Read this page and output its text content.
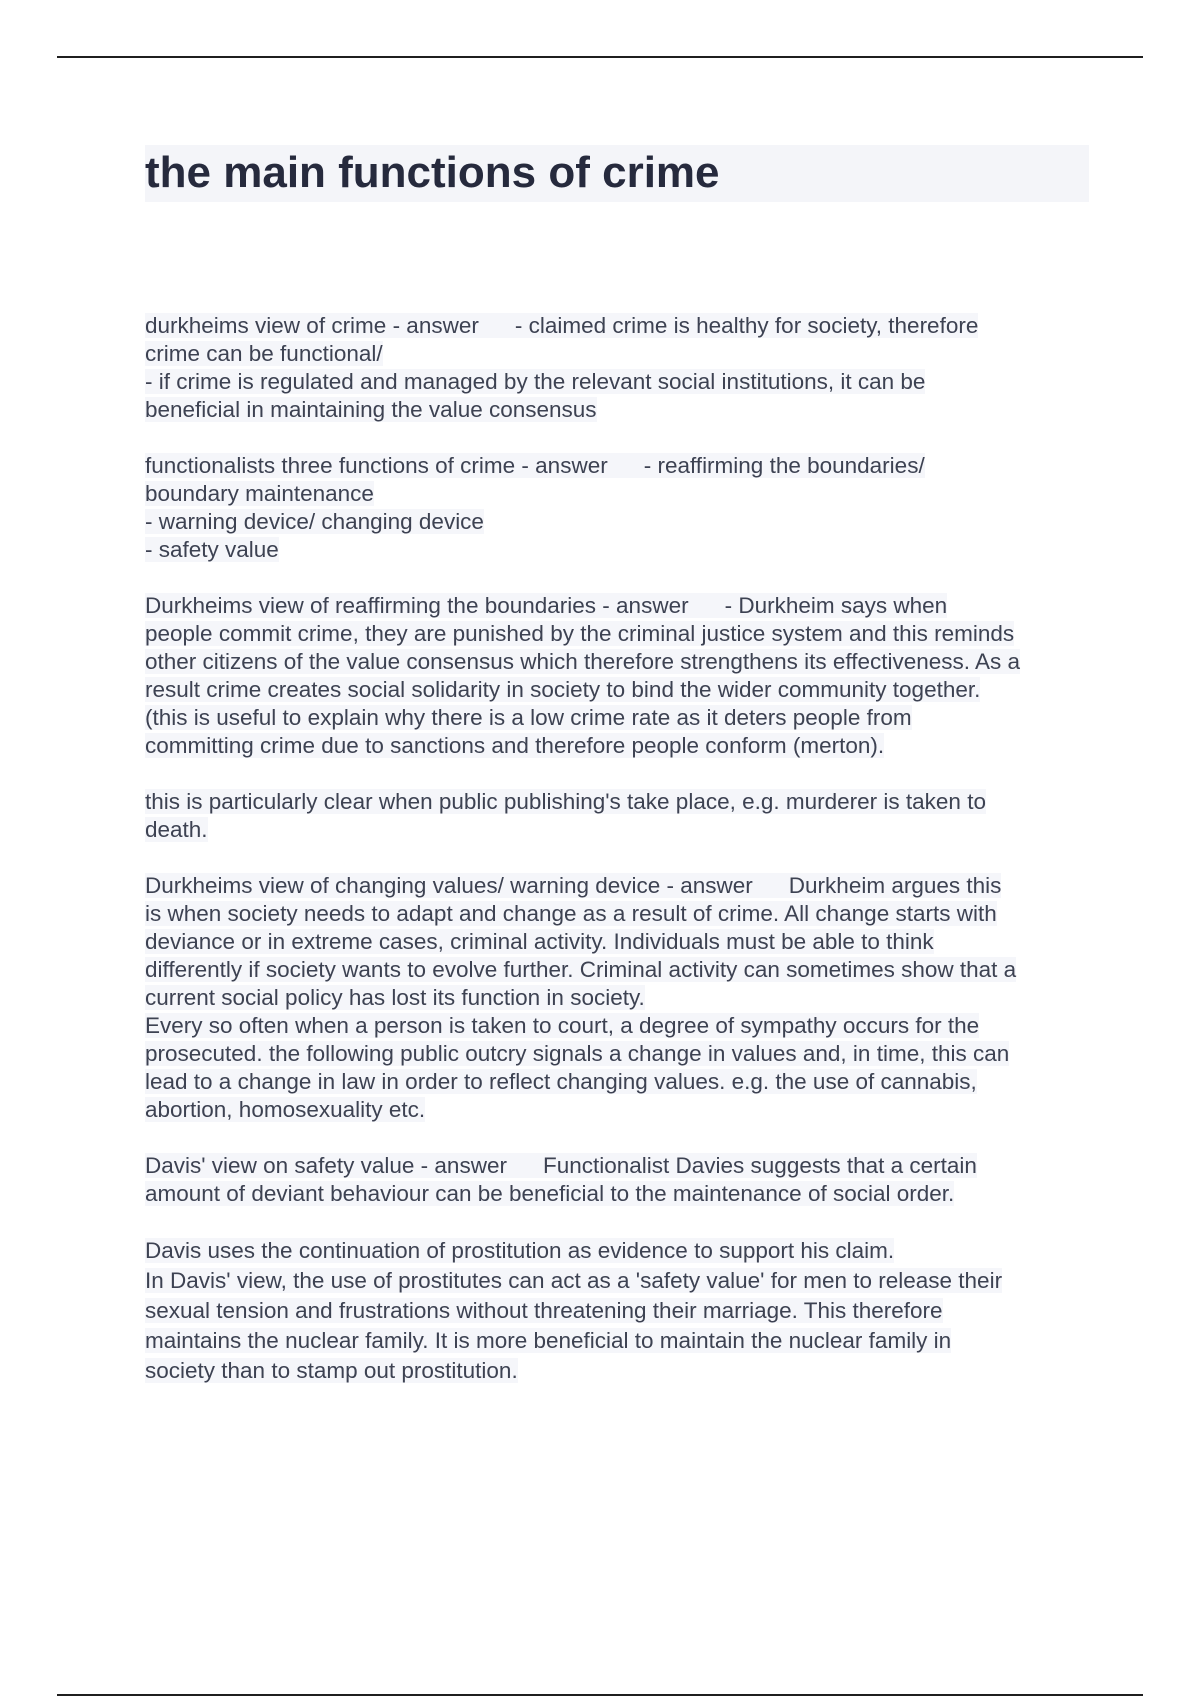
the main functions of crime

durkheims view of crime - answer - claimed crime is healthy for society, therefore

crime can be functional/

- if crime is regulated and managed by the relevant social institutions, it can be

beneficial in maintaining the value consensus

functionalists three functions of crime - answer - reaffirming the boundaries/

boundary maintenance

- warning device/ changing device

- safety value

Durkheims view of reaffirming the boundaries - answer - Durkheim says when

people commit crime, they are punished by the criminal justice system and this reminds

other citizens of the value consensus which therefore strengthens its effectiveness. As a

result crime creates social solidarity in society to bind the wider community together.

(this is useful to explain why there is a low crime rate as it deters people from

committing crime due to sanctions and therefore people conform (merton).

this is particularly clear when public publishing's take place, e.g. murderer is taken to

death.

Durkheims view of changing values/ warning device - answer Durkheim argues this

is when society needs to adapt and change as a result of crime. All change starts with

deviance or in extreme cases, criminal activity. Individuals must be able to think

differently if society wants to evolve further. Criminal activity can sometimes show that a

current social policy has lost its function in society.

Every so often when a person is taken to court, a degree of sympathy occurs for the

prosecuted. the following public outcry signals a change in values and, in time, this can

lead to a change in law in order to reflect changing values. e.g. the use of cannabis,

abortion, homosexuality etc.

Davis' view on safety value - answer Functionalist Davies suggests that a certain

amount of deviant behaviour can be beneficial to the maintenance of social order.

Davis uses the continuation of prostitution as evidence to support his claim.

In Davis' view, the use of prostitutes can act as a 'safety value' for men to release their

sexual tension and frustrations without threatening their marriage. This therefore

maintains the nuclear family. It is more beneficial to maintain the nuclear family in

society than to stamp out prostitution.
